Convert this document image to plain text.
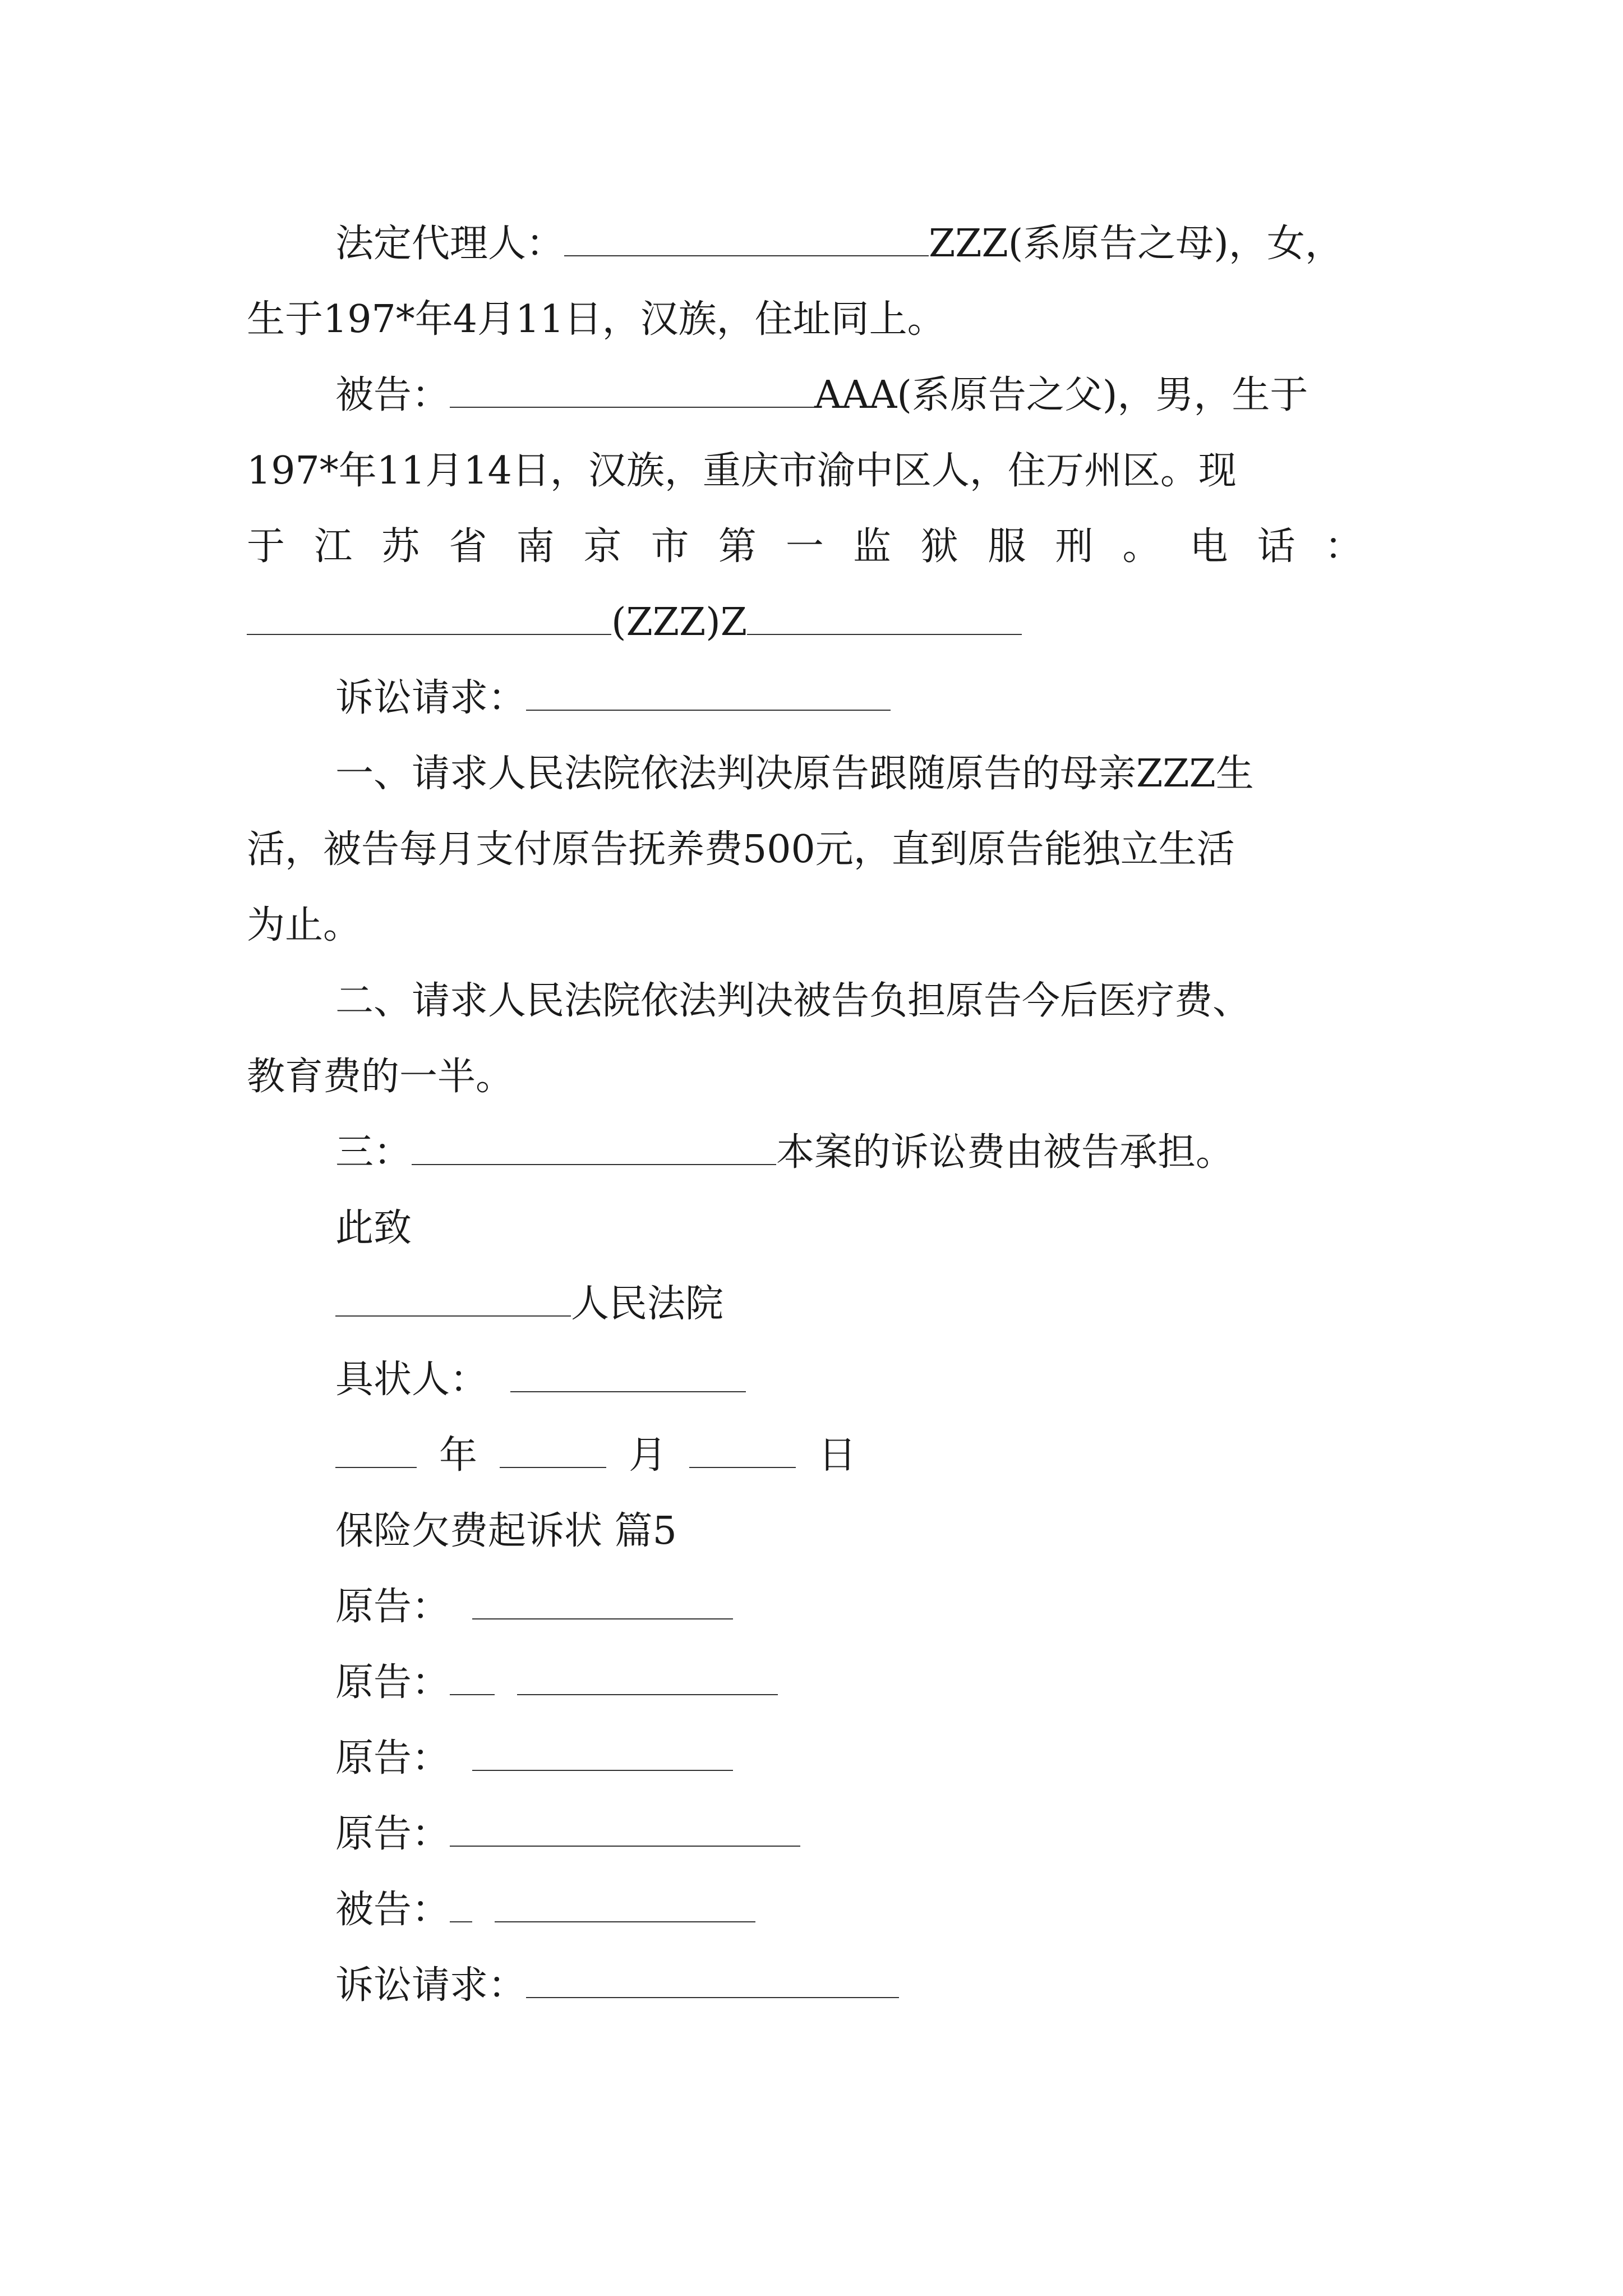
法定代理人：	ZZZ(系原告之母)，女，
生于197*年4月11日，汉族，住址同上。
被告：	AAA(系原告之父)，男，生于
197*年11月14日，汉族，重庆市渝中区人，住万州区。现
于 江 苏 省 南 京 市 第 一 监 狱 服 刑 。 电 话 ：
(ZZZ)Z
诉讼请求：
一、请求人民法院依法判决原告跟随原告的母亲ZZZ生
活，被告每月支付原告抚养费500元，直到原告能独立生活
为止。
二、请求人民法院依法判决被告负担原告今后医疗费、
教育费的一半。
三：	本案的诉讼费由被告承担。
此致
人民法院
具状人：
年	月	日
保险欠费起诉状 篇5
原告：
原告：
原告：
原告：
被告：
诉讼请求：
